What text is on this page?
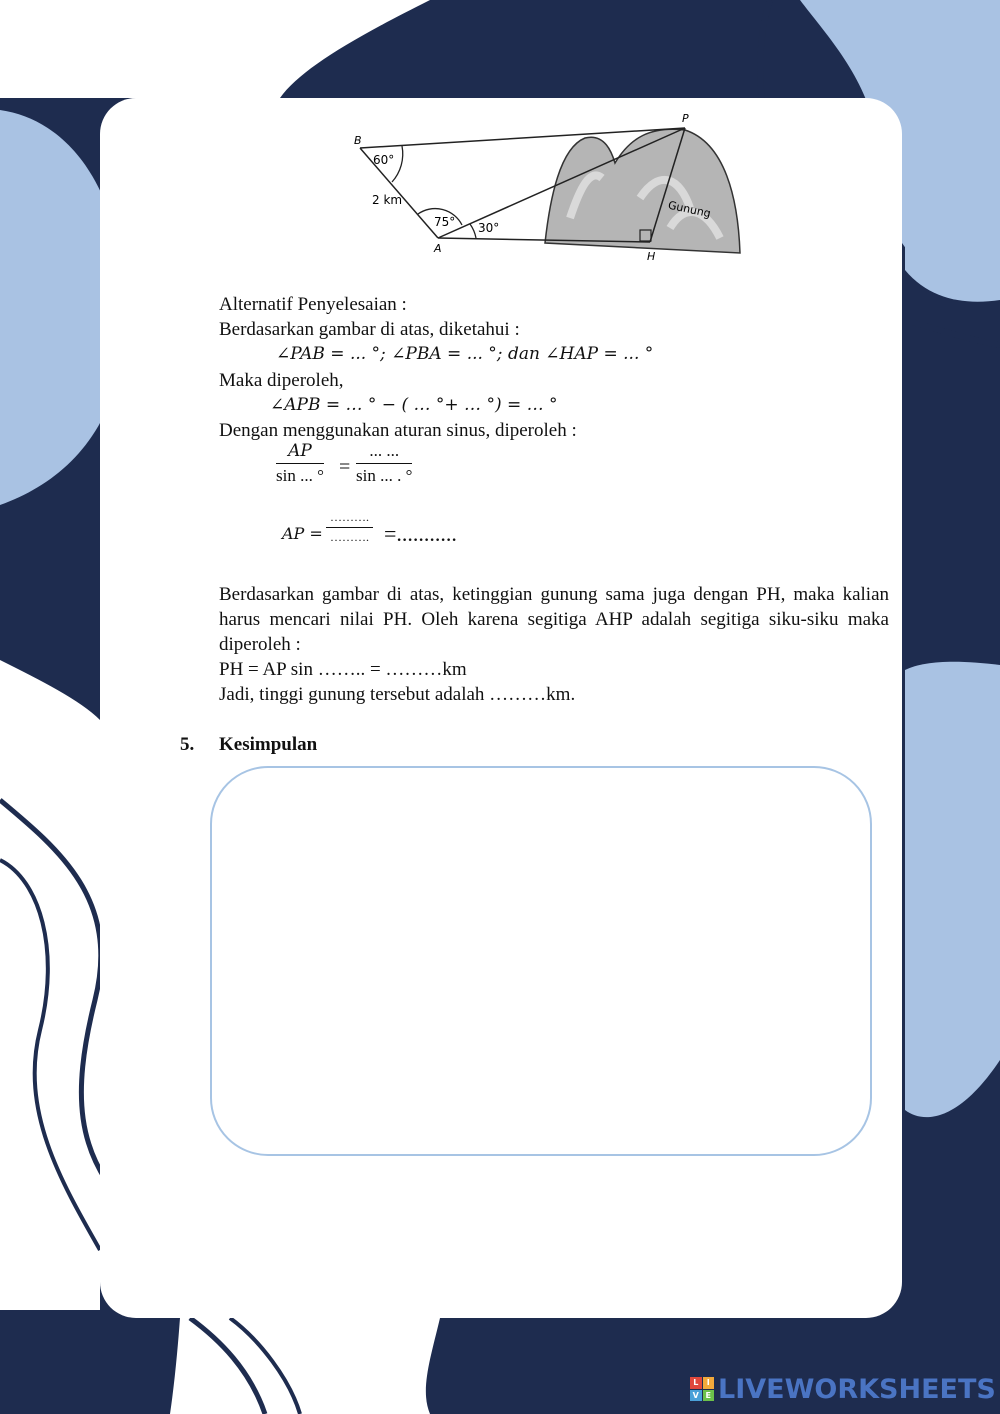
B
P
A
H
60°
75° 30°
2 km	Gunung
Alternatif Penyelesaian :
Berdasarkan gambar di atas, diketahui :
∠PAB = ... °; ∠PBA = ... °; dan ∠HAP = ... °
Maka diperoleh,
∠APB = … ° − ( … °+ … °) = … °
Dengan menggunakan aturan sinus, diperoleh :
$\frac{AP}{\sin ... ^\circ}$ =
... ...
sin ... . °
AP =
……….
………. =...........
Berdasarkan gambar di atas, ketinggian gunung sama juga dengan PH, maka kalian harus mencari nilai PH. Oleh karena segitiga AHP adalah segitiga siku-siku maka diperoleh :
PH = AP sin …….. = ………km
Jadi, tinggi gunung tersebut adalah ………km.
5. Kesimpulan
L	I
V E LIVEWORKSHEETS
